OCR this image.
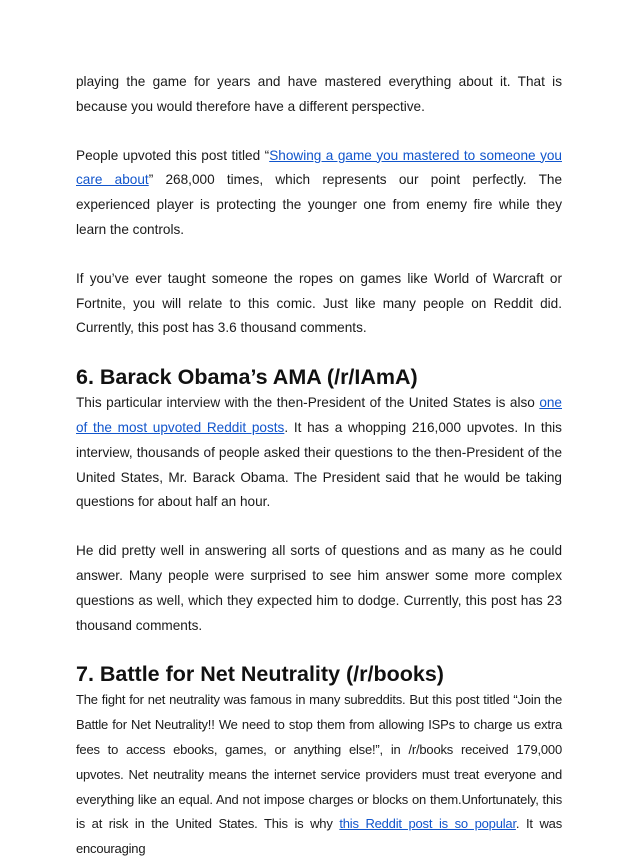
playing the game for years and have mastered everything about it. That is because you would therefore have a different perspective.

People upvoted this post titled “Showing a game you mastered to someone you care about” 268,000 times, which represents our point perfectly. The experienced player is protecting the younger one from enemy fire while they learn the controls.

If you’ve ever taught someone the ropes on games like World of Warcraft or Fortnite, you will relate to this comic. Just like many people on Reddit did. Currently, this post has 3.6 thousand comments.

6. Barack Obama’s AMA (/r/IAmA)

This particular interview with the then-President of the United States is also one of the most upvoted Reddit posts. It has a whopping 216,000 upvotes. In this interview, thousands of people asked their questions to the then-President of the United States, Mr. Barack Obama. The President said that he would be taking questions for about half an hour.

He did pretty well in answering all sorts of questions and as many as he could answer. Many people were surprised to see him answer some more complex questions as well, which they expected him to dodge. Currently, this post has 23 thousand comments.

7. Battle for Net Neutrality (/r/books)

The fight for net neutrality was famous in many subreddits. But this post titled “Join the Battle for Net Neutrality!! We need to stop them from allowing ISPs to charge us extra fees to access ebooks, games, or anything else!”, in /r/books received 179,000 upvotes. Net neutrality means the internet service providers must treat everyone and everything like an equal. And not impose charges or blocks on them.Unfortunately, this is at risk in the United States. This is why this Reddit post is so popular. It was encouraging
